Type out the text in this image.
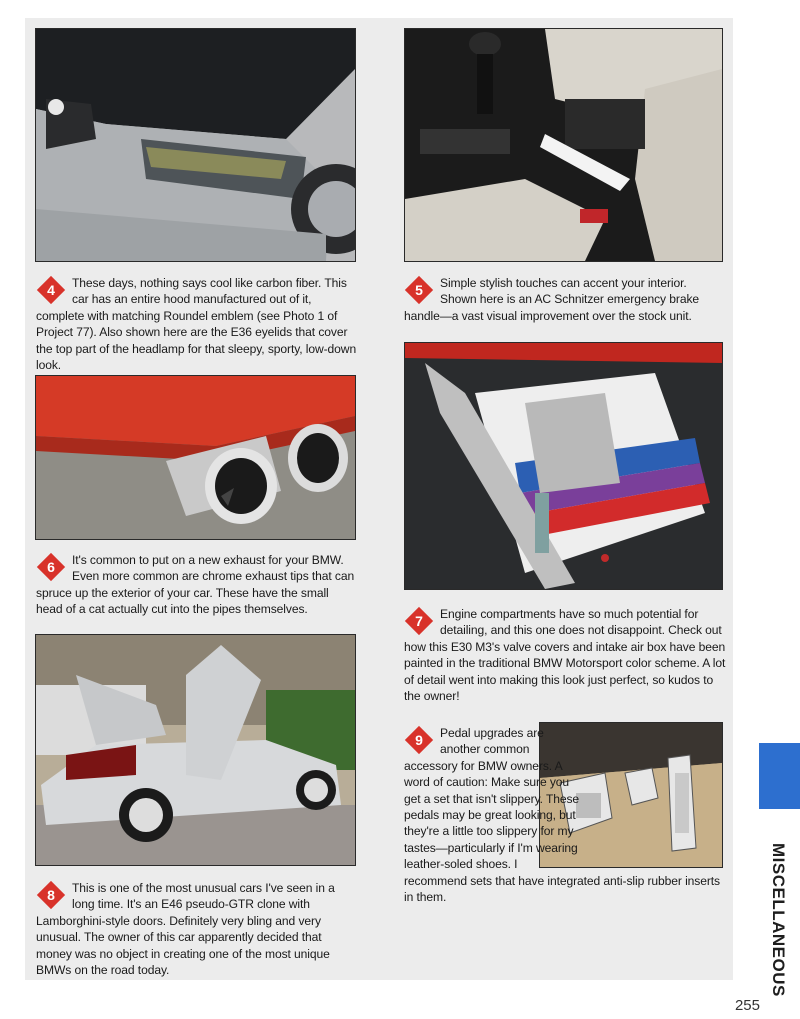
4	These days, nothing says cool like carbon fiber. This car has an entire hood manufactured out of it, complete with matching Roundel emblem (see Photo 1 of Project 77). Also shown here are the E36 eyelids that cover the top part of the headlamp for that sleepy, sporty, low-down look.
5	Simple stylish touches can accent your interior. Shown here is an AC Schnitzer emergency brake handle—a vast visual improvement over the stock unit.
6	It's common to put on a new exhaust for your BMW. Even more common are chrome exhaust tips that can spruce up the exterior of your car. These have the small head of a cat actually cut into the pipes themselves.
7	Engine compartments have so much potential for detailing, and this one does not disappoint. Check out how this E30 M3's valve covers and intake air box have been painted in the traditional BMW Motorsport color scheme. A lot of detail went into making this look just perfect, so kudos to the owner!
9	Pedal upgrades are another common accessory for BMW owners. A word of caution: Make sure you get a set that isn't slippery. These pedals may be great looking, but they're a little too slippery for my tastes—particularly if I'm wearing leather-soled shoes. I recommend sets that have integrated anti-slip rubber inserts in them.
8	This is one of the most unusual cars I've seen in a long time. It's an E46 pseudo-GTR clone with Lamborghini-style doors. Definitely very bling and very unusual. The owner of this car apparently decided that money was no object in creating one of the most unique BMWs on the road today.	MISCELLANEOUS
255
